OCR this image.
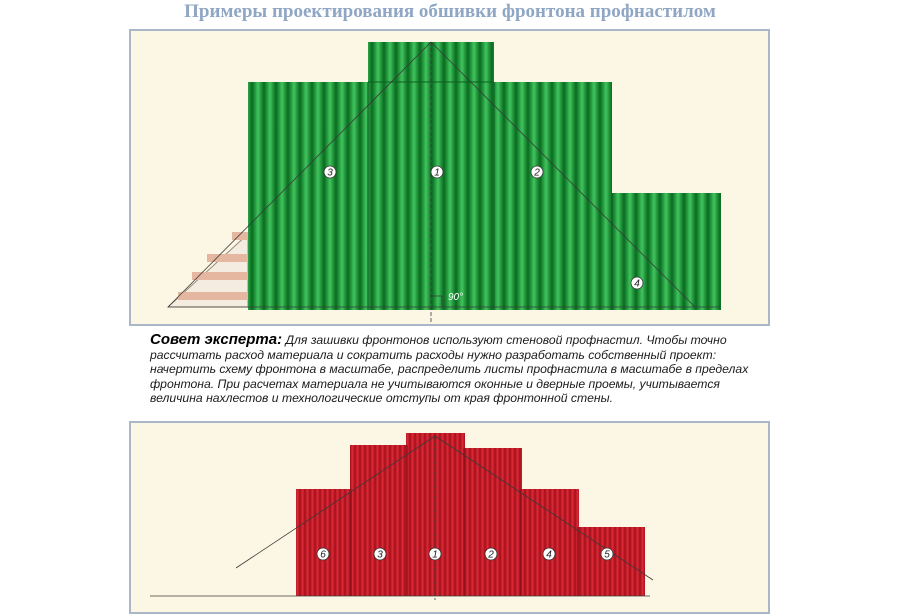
Примеры проектирования обшивки фронтона профнастилом
Совет эксперта: Для зашивки фронтонов используют стеновой профнастил. Чтобы точно рассчитать расход материала и сократить расходы нужно разработать собственный проект: начертить схему фронтона в масштабе, распределить листы профнастила в масштабе в пределах фронтона. При расчетах материала не учитываются оконные и дверные проемы, учитывается величина нахлестов и технологические отступы от края фронтонной стены.
90°
1	2
3
4
1	2
3	4	5
6
